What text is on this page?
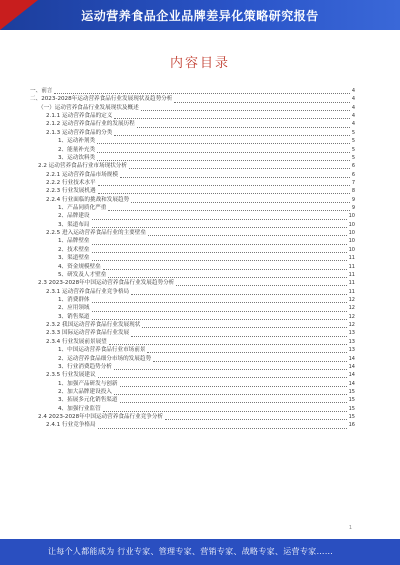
运动营养食品企业品牌差异化策略研究报告
内容目录
一、前言	4
二、2023-2028年运动营养食品行业发展现状及趋势分析	4
（一）运动营养食品行业发展现状及概述	4
2.1.1 运动营养食品的定义	4
2.1.2 运动营养食品行业的发展历程	4
2.1.3 运动营养食品的分类	5
1、运动补剂类	5
2、能量补充类	5
3、运动饮料类	5
2.2 运动营养食品行业市场现状分析	6
2.2.1 运动营养食品市场规模	6
2.2.2 行业技术水平	7
2.2.3 行业发展机遇	8
2.2.4 行业面临的挑战和发展趋势	9
1、产品同质化严重	9
2、品牌建设	10
3、渠道布局	10
2.2.5 进入运动营养食品行业的主要壁垒	10
1、品牌壁垒	10
2、技术壁垒	10
3、渠道壁垒	11
4、资金规模壁垒	11
5、研发及人才壁垒	11
2.3 2023-2028年中国运动营养食品行业发展趋势分析	11
2.3.1 运动营养食品行业竞争格局	11
1、消费群体	12
2、应用领域	12
3、销售渠道	12
2.3.2 我国运动营养食品行业发展现状	12
2.3.3 国际运动营养食品行业发展	13
2.3.4 行业发展前景展望	13
1、中国运动营养食品行业市场前景	13
2、运动营养食品细分市场的发展趋势	14
3、行业消费趋势分析	14
2.3.5 行业发展建议	14
1、加强产品研发与创新	14
2、加大品牌建设投入	15
3、拓展多元化销售渠道	15
4、加强行业监管	15
2.4 2023-2028年中国运动营养食品行业竞争分析	15
2.4.1 行业竞争格局	16
1
让每个人都能成为 行业专家、管理专家、营销专家、战略专家、运营专家……
